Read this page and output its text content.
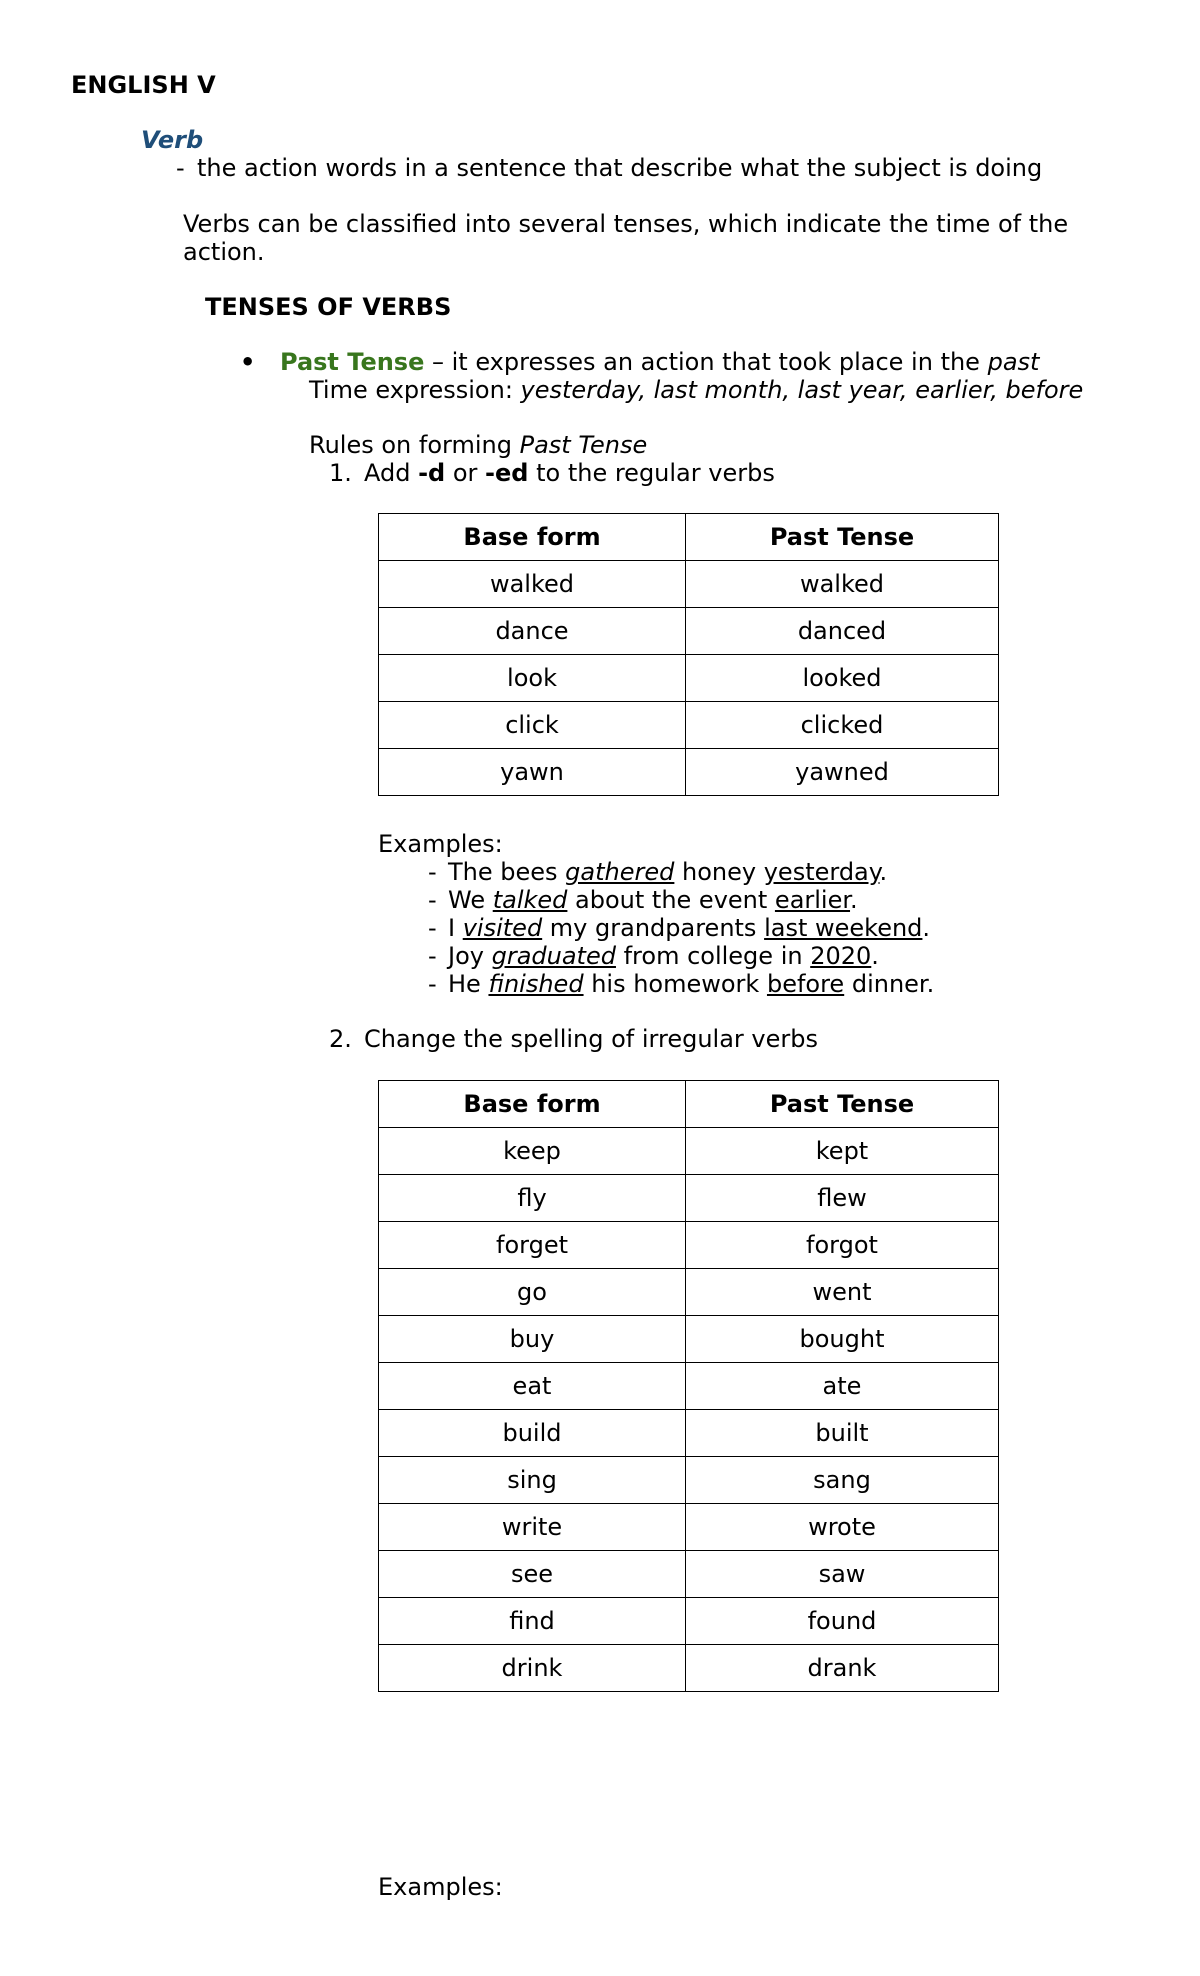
ENGLISH V
Verb
- the action words in a sentence that describe what the subject is doing
Verbs can be classified into several tenses, which indicate the time of the
action.
TENSES OF VERBS
• Past Tense – it expresses an action that took place in the past
Time expression: yesterday, last month, last year, earlier, before
Rules on forming Past Tense
1. Add -d or -ed to the regular verbs
Base form	Past Tense
walked	walked
dance	danced
look	looked
click	clicked
yawn	yawned
Examples:
- The bees gathered honey yesterday.
- We talked about the event earlier.
- I visited my grandparents last weekend.
- Joy graduated from college in 2020.
- He finished his homework before dinner.
2. Change the spelling of irregular verbs
Base form	Past Tense
keep	kept
fly	flew
forget	forgot
go	went
buy	bought
eat	ate
build	built
sing	sang
write	wrote
see	saw
find	found
drink	drank
Examples:
